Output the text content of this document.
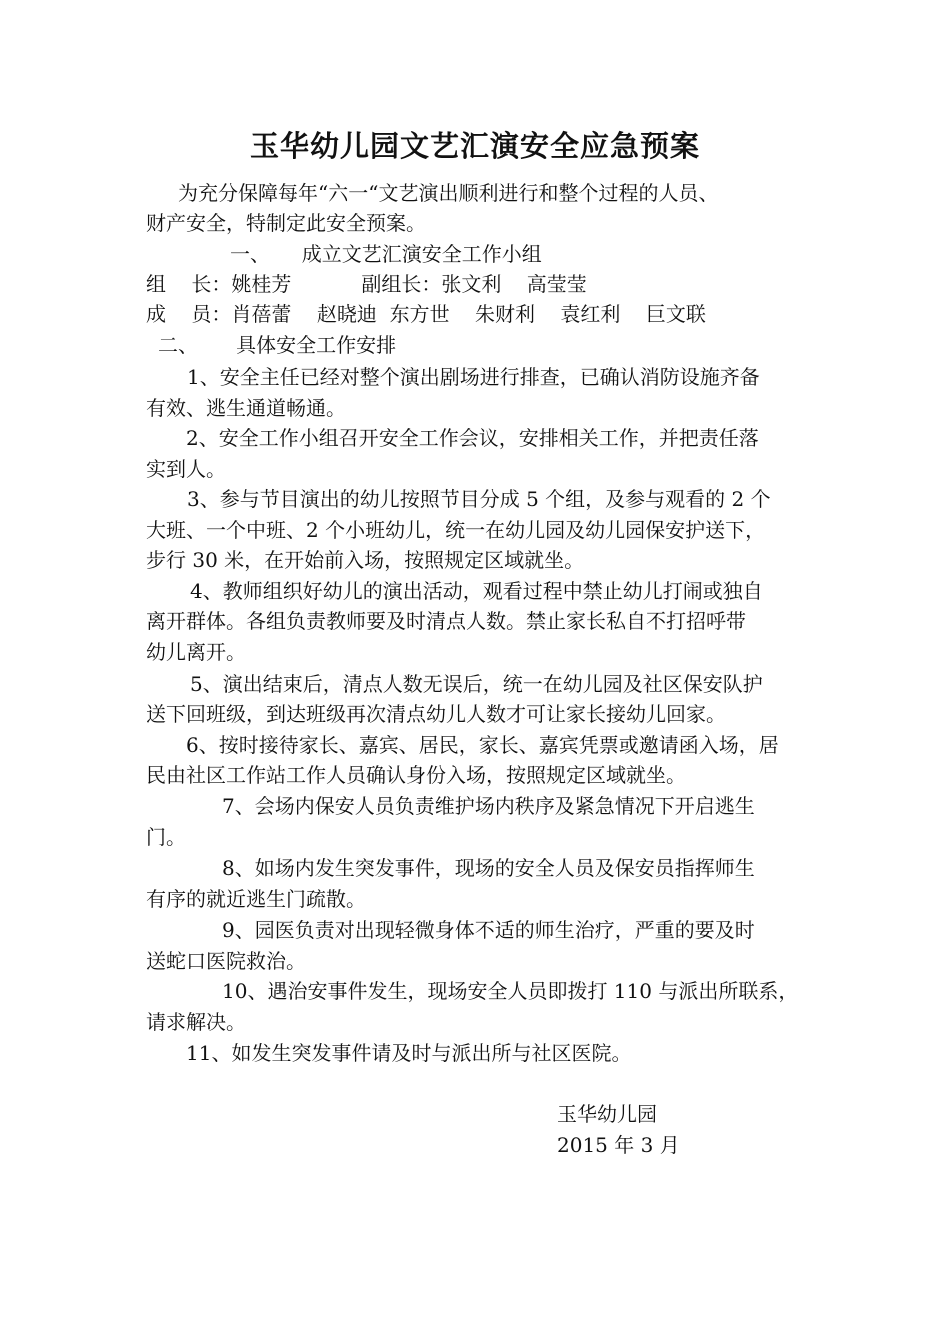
玉华幼儿园文艺汇演安全应急预案
为充分保障每年“六一“文艺演出顺利进行和整个过程的人员、
财产安全，特制定此安全预案。
一、     成立文艺汇演安全工作小组
组    长：姚桂芳           副组长：张文利    高莹莹
成    员：肖蓓蕾    赵晓迪  东方世    朱财利    袁红利    巨文联
二、      具体安全工作安排
1、安全主任已经对整个演出剧场进行排查，已确认消防设施齐备
有效、逃生通道畅通。
2、安全工作小组召开安全工作会议，安排相关工作，并把责任落
实到人。
3、参与节目演出的幼儿按照节目分成 5 个组，及参与观看的 2 个
大班、一个中班、2 个小班幼儿，统一在幼儿园及幼儿园保安护送下，
步行 30 米，在开始前入场，按照规定区域就坐。
4、教师组织好幼儿的演出活动，观看过程中禁止幼儿打闹或独自
离开群体。各组负责教师要及时清点人数。禁止家长私自不打招呼带
幼儿离开。
5、演出结束后，清点人数无误后，统一在幼儿园及社区保安队护
送下回班级，到达班级再次清点幼儿人数才可让家长接幼儿回家。
6、按时接待家长、嘉宾、居民，家长、嘉宾凭票或邀请函入场，居
民由社区工作站工作人员确认身份入场，按照规定区域就坐。
7、会场内保安人员负责维护场内秩序及紧急情况下开启逃生
门。
8、如场内发生突发事件，现场的安全人员及保安员指挥师生
有序的就近逃生门疏散。
9、园医负责对出现轻微身体不适的师生治疗，严重的要及时
送蛇口医院救治。
10、遇治安事件发生，现场安全人员即拨打 110 与派出所联系，
请求解决。
11、如发生突发事件请及时与派出所与社区医院。
玉华幼儿园
2015 年 3 月
